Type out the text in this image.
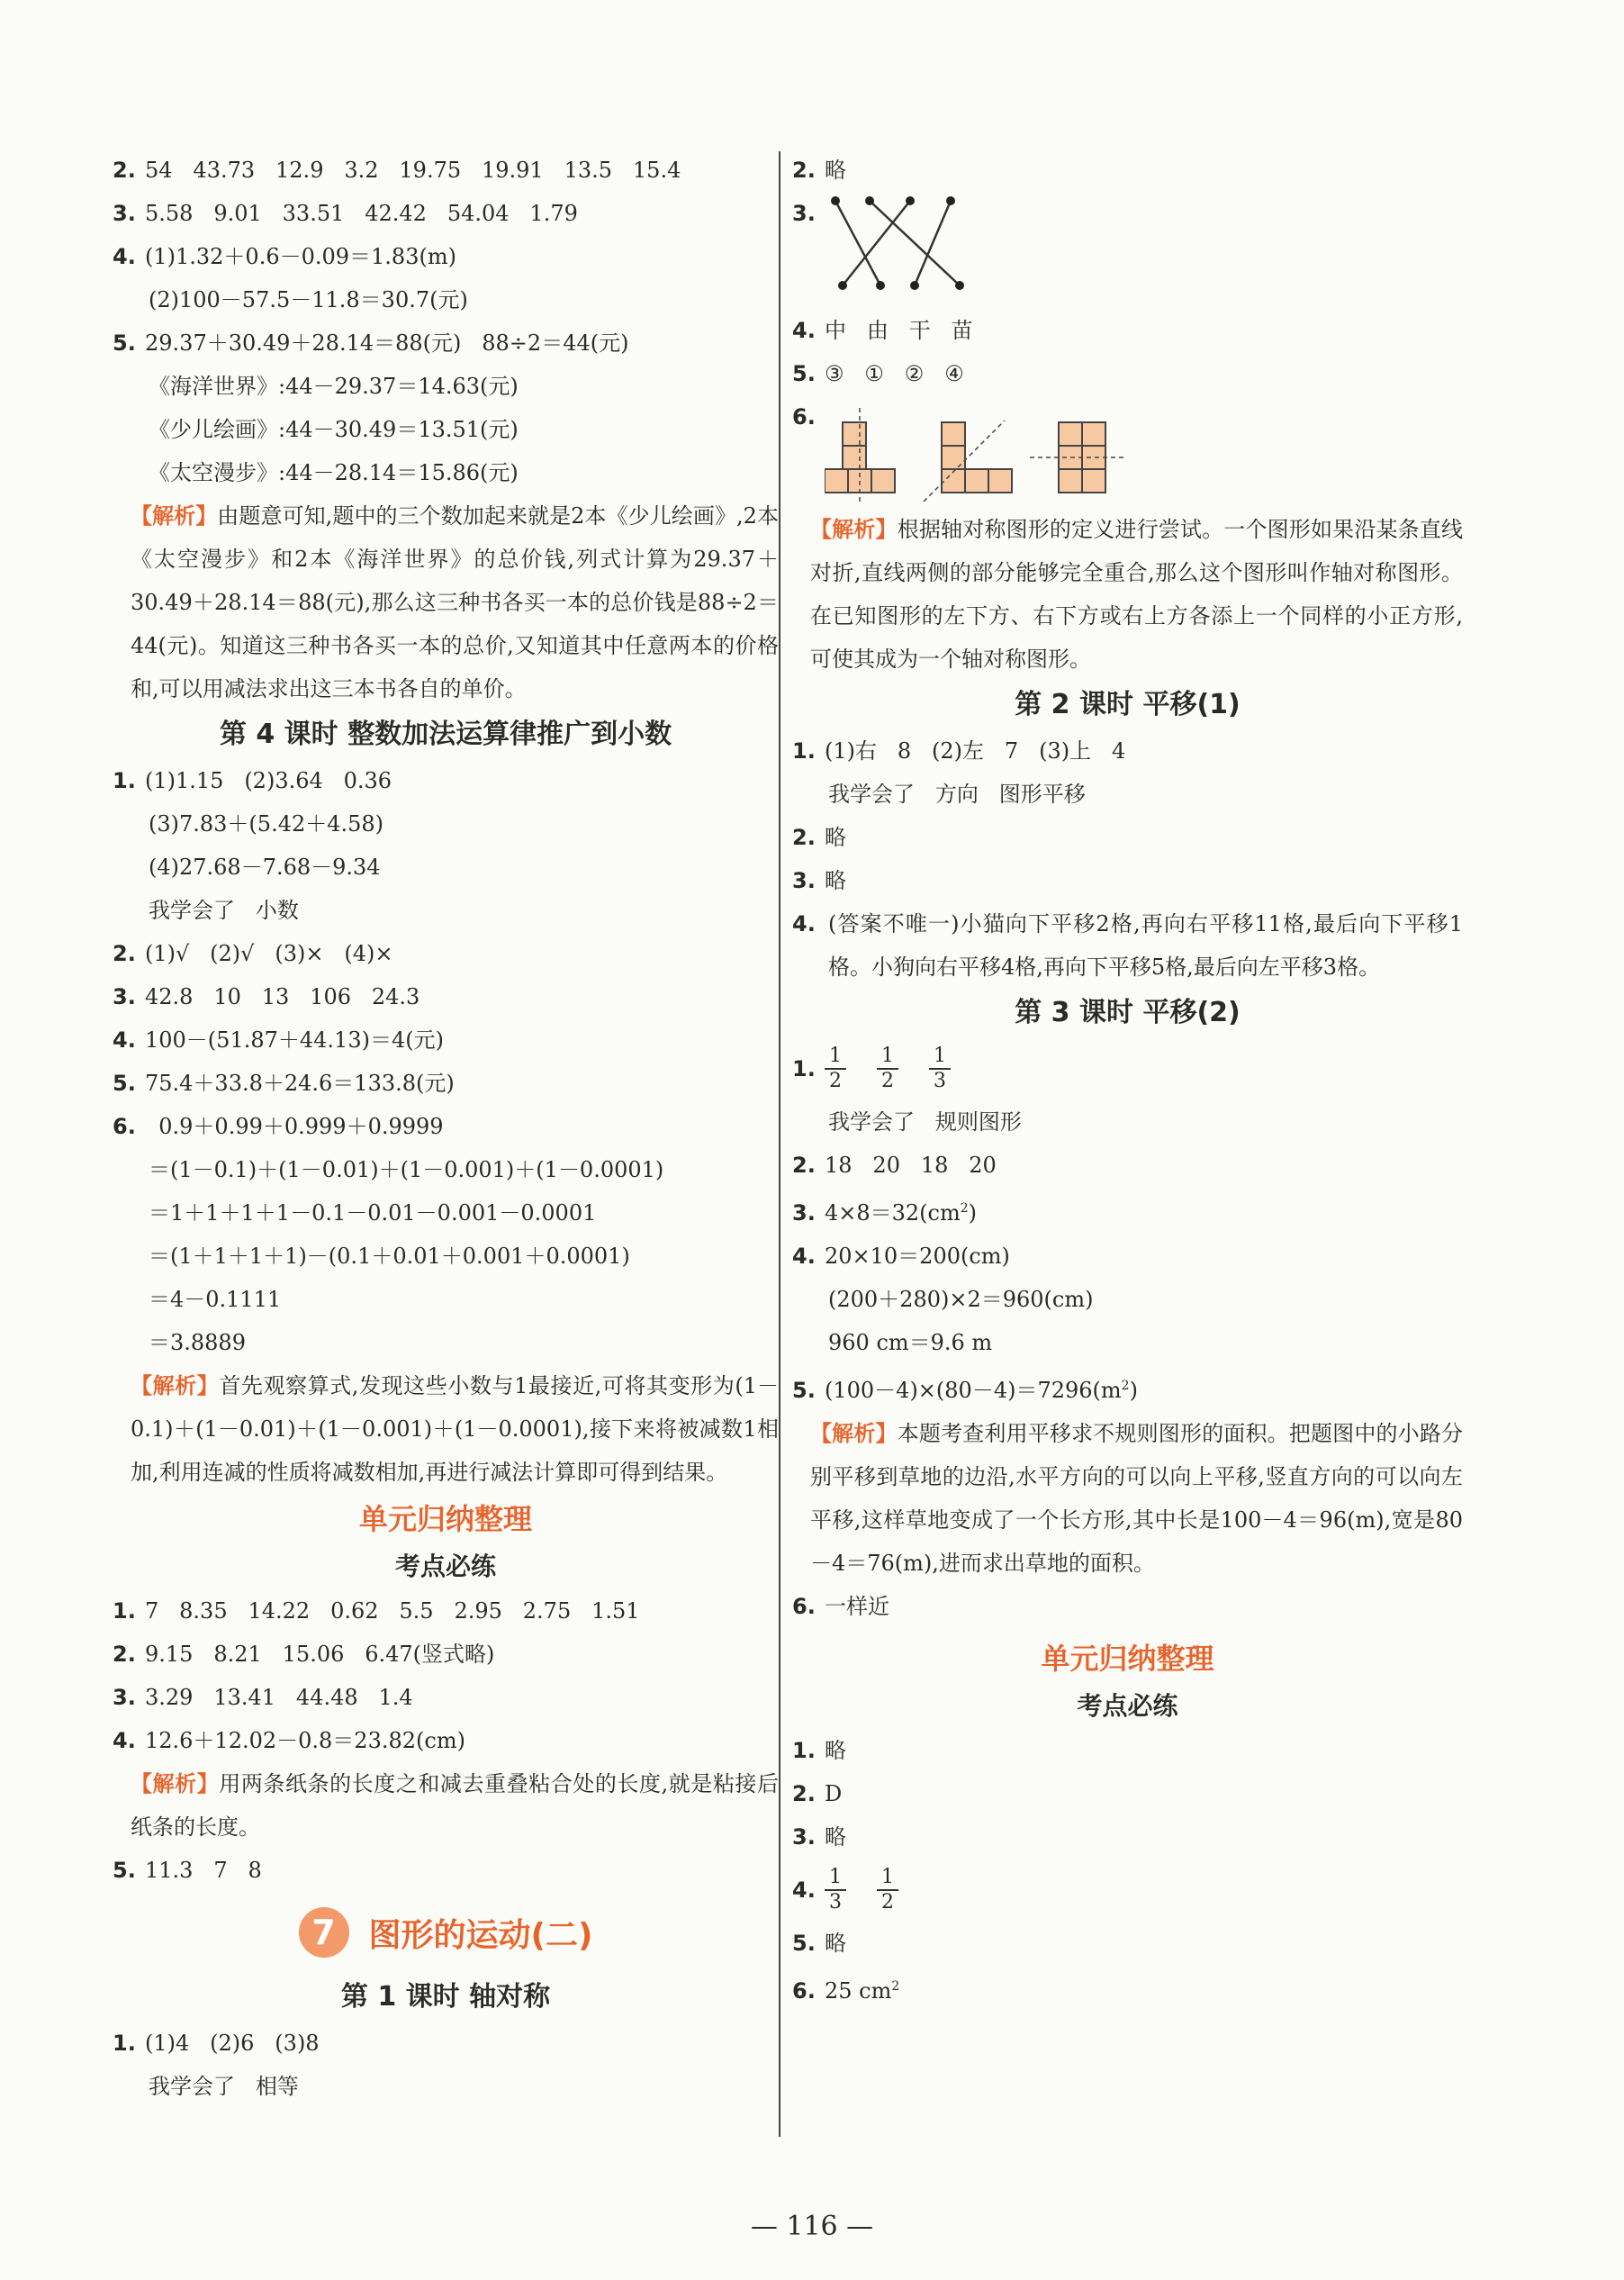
2. 54   43.73   12.9   3.2   19.75   19.91   13.5   15.4
3. 5.58   9.01   33.51   42.42   54.04   1.79
4. (1)1.32＋0.6－0.09＝1.83(m)
(2)100－57.5－11.8＝30.7(元)
5. 29.37＋30.49＋28.14＝88(元)   88÷2＝44(元)
《海洋世界》:44－29.37＝14.63(元)
《少儿绘画》:44－30.49＝13.51(元)
《太空漫步》:44－28.14＝15.86(元)
【解析】由题意可知,题中的三个数加起来就是2本《少儿绘画》,2本《太空漫步》和2本《海洋世界》的总价钱,列式计算为29.37＋30.49＋28.14＝88(元),那么这三种书各买一本的总价钱是88÷2＝44(元)。知道这三种书各买一本的总价,又知道其中任意两本的价格和,可以用减法求出这三本书各自的单价。
第 4 课时 整数加法运算律推广到小数
1. (1)1.15   (2)3.64   0.36
(3)7.83＋(5.42＋4.58)
(4)27.68－7.68－9.34
我学会了   小数
2. (1)√   (2)√   (3)×   (4)×
3. 42.8   10   13   106   24.3
4. 100－(51.87＋44.13)＝4(元)
5. 75.4＋33.8＋24.6＝133.8(元)
6.  0.9＋0.99＋0.999＋0.9999
＝(1－0.1)＋(1－0.01)＋(1－0.001)＋(1－0.0001)
＝1＋1＋1＋1－0.1－0.01－0.001－0.0001
＝(1＋1＋1＋1)－(0.1＋0.01＋0.001＋0.0001)
＝4－0.1111
＝3.8889
【解析】首先观察算式,发现这些小数与1最接近,可将其变形为(1－0.1)＋(1－0.01)＋(1－0.001)＋(1－0.0001),接下来将被减数1相加,利用连减的性质将减数相加,再进行减法计算即可得到结果。
单元归纳整理
考点必练
1. 7   8.35   14.22   0.62   5.5   2.95   2.75   1.51
2. 9.15   8.21   15.06   6.47(竖式略)
3. 3.29   13.41   44.48   1.4
4. 12.6＋12.02－0.8＝23.82(cm)
【解析】用两条纸条的长度之和减去重叠粘合处的长度,就是粘接后纸条的长度。
5. 11.3   7   8
7	图形的运动(二)
第 1 课时 轴对称
1. (1)4   (2)6   (3)8
我学会了   相等
2. 略
3.
4. 中   由   干   苗
5. ③   ①   ②   ④
6.
【解析】根据轴对称图形的定义进行尝试。一个图形如果沿某条直线对折,直线两侧的部分能够完全重合,那么这个图形叫作轴对称图形。在已知图形的左下方、右下方或右上方各添上一个同样的小正方形,可使其成为一个轴对称图形。
第 2 课时 平移(1)
1. (1)右   8   (2)左   7   (3)上   4
我学会了   方向   图形平移
2. 略
3. 略
4. (答案不唯一)小猫向下平移2格,再向右平移11格,最后向下平移1格。小狗向右平移4格,再向下平移5格,最后向左平移3格。
第 3 课时 平移(2)
1. $\frac{1}{2} \frac{1}{2} \frac{1}{3}$
我学会了   规则图形
2. 18   20   18   20
3. $4\times 8=32(cm^2)$
4. 20×10＝200(cm)
(200＋280)×2＝960(cm)
960 cm＝9.6 m
5. $(100-4)\times(80-4)=7296(m^2)$
【解析】本题考查利用平移求不规则图形的面积。把题图中的小路分别平移到草地的边沿,水平方向的可以向上平移,竖直方向的可以向左平移,这样草地变成了一个长方形,其中长是100－4＝96(m),宽是80－4＝76(m),进而求出草地的面积。
6. 一样近
单元归纳整理
考点必练
1. 略
2. D
3. 略
4. $\frac{1}{3} \frac{1}{2}$
5. 略
6. 25 $cm^2$
— 116 —
